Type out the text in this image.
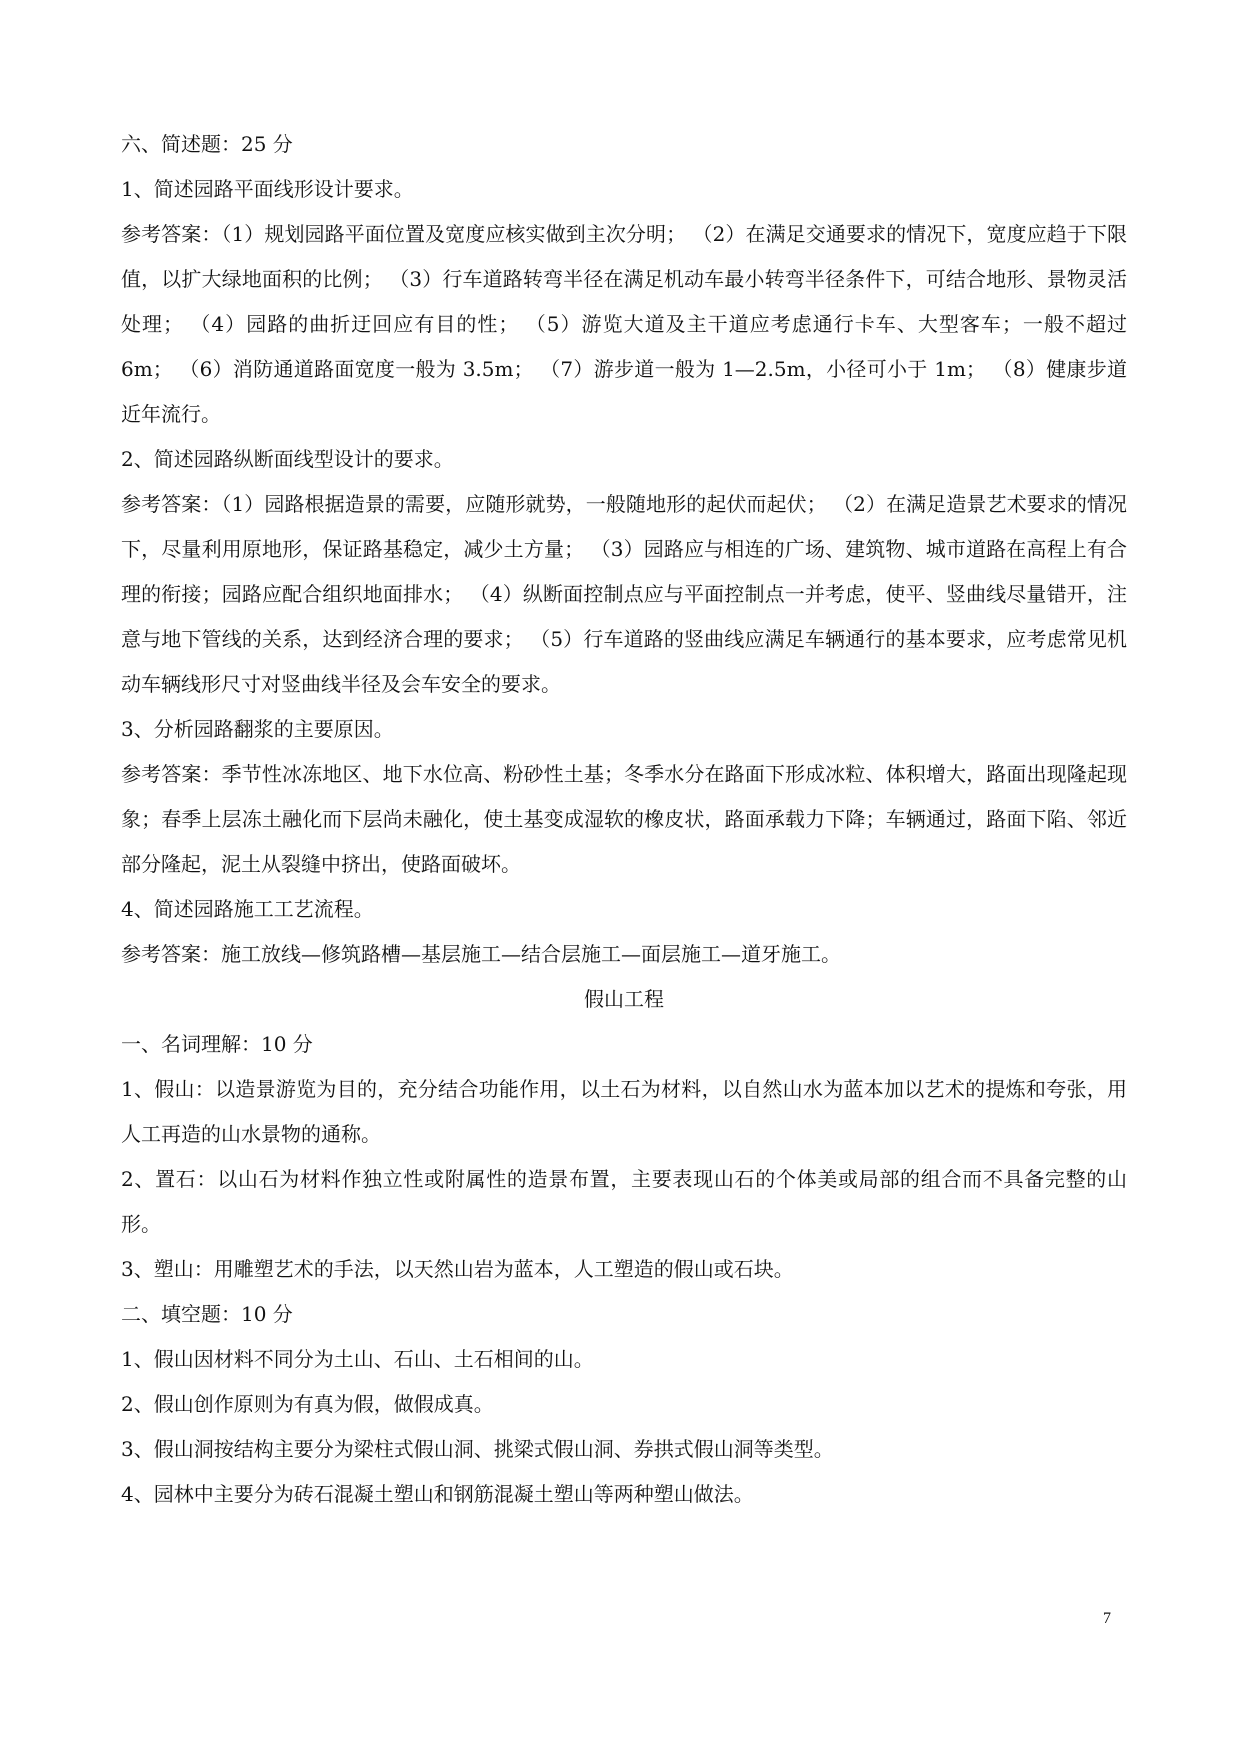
六、简述题：25 分

1、简述园路平面线形设计要求。

参考答案：（1）规划园路平面位置及宽度应核实做到主次分明； （2）在满足交通要求的情况下，宽度应趋于下限值，以扩大绿地面积的比例； （3）行车道路转弯半径在满足机动车最小转弯半径条件下，可结合地形、景物灵活处理； （4）园路的曲折迂回应有目的性； （5）游览大道及主干道应考虑通行卡车、大型客车；一般不超过 6m； （6）消防通道路面宽度一般为 3.5m； （7）游步道一般为 1—2.5m，小径可小于 1m； （8）健康步道近年流行。

2、简述园路纵断面线型设计的要求。

参考答案：（1）园路根据造景的需要，应随形就势，一般随地形的起伏而起伏； （2）在满足造景艺术要求的情况下，尽量利用原地形，保证路基稳定，减少土方量； （3）园路应与相连的广场、建筑物、城市道路在高程上有合理的衔接；园路应配合组织地面排水； （4）纵断面控制点应与平面控制点一并考虑，使平、竖曲线尽量错开，注意与地下管线的关系，达到经济合理的要求； （5）行车道路的竖曲线应满足车辆通行的基本要求，应考虑常见机动车辆线形尺寸对竖曲线半径及会车安全的要求。

3、分析园路翻浆的主要原因。

参考答案：季节性冰冻地区、地下水位高、粉砂性土基；冬季水分在路面下形成冰粒、体积增大，路面出现隆起现象；春季上层冻土融化而下层尚未融化，使土基变成湿软的橡皮状，路面承载力下降；车辆通过，路面下陷、邻近部分隆起，泥土从裂缝中挤出，使路面破坏。

4、简述园路施工工艺流程。

参考答案：施工放线—修筑路槽—基层施工—结合层施工—面层施工—道牙施工。

假山工程

一、名词理解：10 分

1、假山：以造景游览为目的，充分结合功能作用，以土石为材料，以自然山水为蓝本加以艺术的提炼和夸张，用人工再造的山水景物的通称。

2、置石：以山石为材料作独立性或附属性的造景布置，主要表现山石的个体美或局部的组合而不具备完整的山形。

3、塑山：用雕塑艺术的手法，以天然山岩为蓝本，人工塑造的假山或石块。

二、填空题：10 分

1、假山因材料不同分为土山、石山、土石相间的山。

2、假山创作原则为有真为假，做假成真。

3、假山洞按结构主要分为梁柱式假山洞、挑梁式假山洞、券拱式假山洞等类型。

4、园林中主要分为砖石混凝土塑山和钢筋混凝土塑山等两种塑山做法。

7
